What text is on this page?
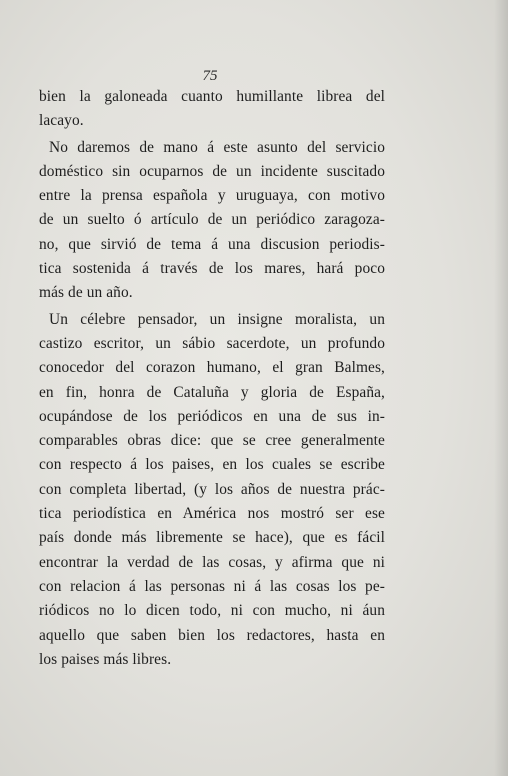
75
bien la galoneada cuanto humillante librea del
lacayo.
No daremos de mano á este asunto del servicio
doméstico sin ocuparnos de un incidente suscitado
entre la prensa española y uruguaya, con motivo
de un suelto ó artículo de un periódico zaragoza-
no, que sirvió de tema á una discusion periodis-
tica sostenida á través de los mares, hará poco
más de un año.
Un célebre pensador, un insigne moralista, un
castizo escritor, un sábio sacerdote, un profundo
conocedor del corazon humano, el gran Balmes,
en fin, honra de Cataluña y gloria de España,
ocupándose de los periódicos en una de sus in-
comparables obras dice: que se cree generalmente
con respecto á los paises, en los cuales se escribe
con completa libertad, (y los años de nuestra prác-
tica periodística en América nos mostró ser ese
país donde más libremente se hace), que es fácil
encontrar la verdad de las cosas, y afirma que ni
con relacion á las personas ni á las cosas los pe-
riódicos no lo dicen todo, ni con mucho, ni áun
aquello que saben bien los redactores, hasta en
los paises más libres.
